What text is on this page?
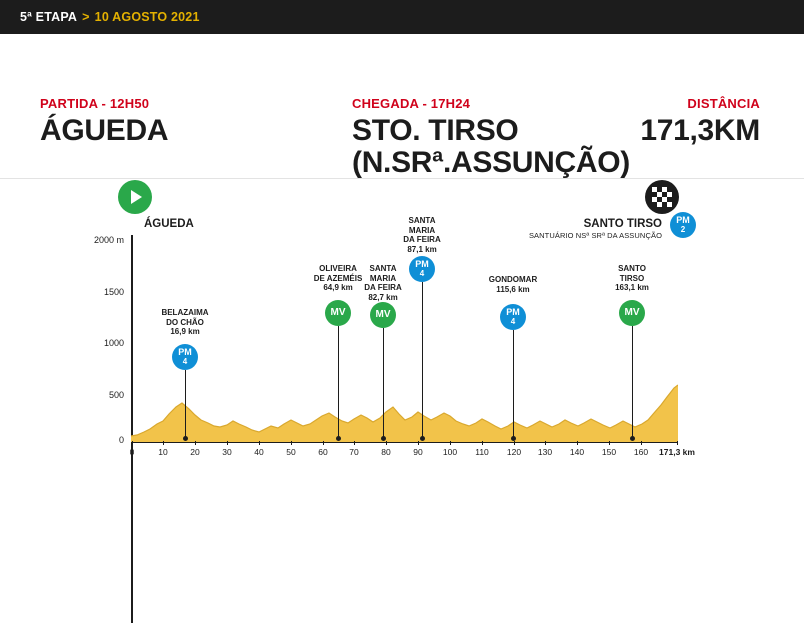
5ª ETAPA > 10 AGOSTO 2021
PARTIDA - 12H50
ÁGUEDA
CHEGADA - 17H24
STO. TIRSO
(N.SRª.ASSUNÇÃO)
DISTÂNCIA
171,3KM
ÁGUEDA	SANTO TIRSO
SANTUÁRIO NSª SRª DA ASSUNÇÃO
PM
2
2000 m
1500
1000
500
0
BELAZAIMA
DO CHÃO
16,9 km
PM
4
OLIVEIRA
DE AZEMÉIS
64,9 km
MV
SANTA
MARIA
DA FEIRA
82,7 km
MV
SANTA
MARIA
DA FEIRA
87,1 km
PM
4
GONDOMAR
115,6 km
PM
4
SANTO
TIRSO
163,1 km
MV
0	10	20	30	40	50	60	70	80	90	100	110	120	130	140	150	160	171,3 km
